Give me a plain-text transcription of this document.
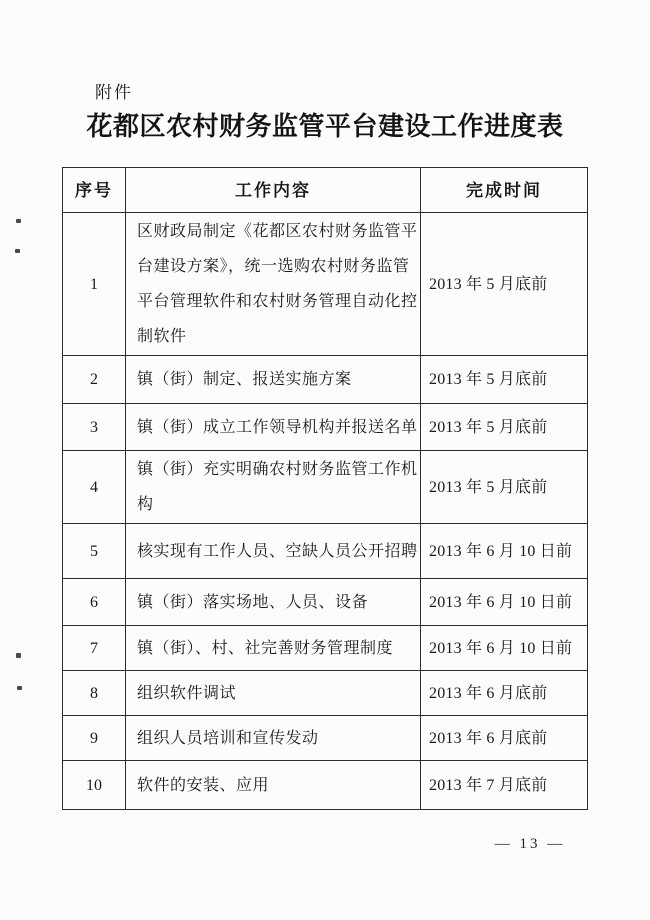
附件
花都区农村财务监管平台建设工作进度表
序号	工作内容	完成时间
1	区财政局制定《花都区农村财务监管平台建设方案》，统一选购农村财务监管平台管理软件和农村财务管理自动化控制软件	2013 年 5 月底前
2	镇（街）制定、报送实施方案	2013 年 5 月底前
3	镇（街）成立工作领导机构并报送名单	2013 年 5 月底前
4	镇（街）充实明确农村财务监管工作机构	2013 年 5 月底前
5	核实现有工作人员、空缺人员公开招聘	2013 年 6 月 10 日前
6	镇（街）落实场地、人员、设备	2013 年 6 月 10 日前
7	镇（街）、村、社完善财务管理制度	2013 年 6 月 10 日前
8	组织软件调试	2013 年 6 月底前
9	组织人员培训和宣传发动	2013 年 6 月底前
10	软件的安装、应用	2013 年 7 月底前
— 13 —
